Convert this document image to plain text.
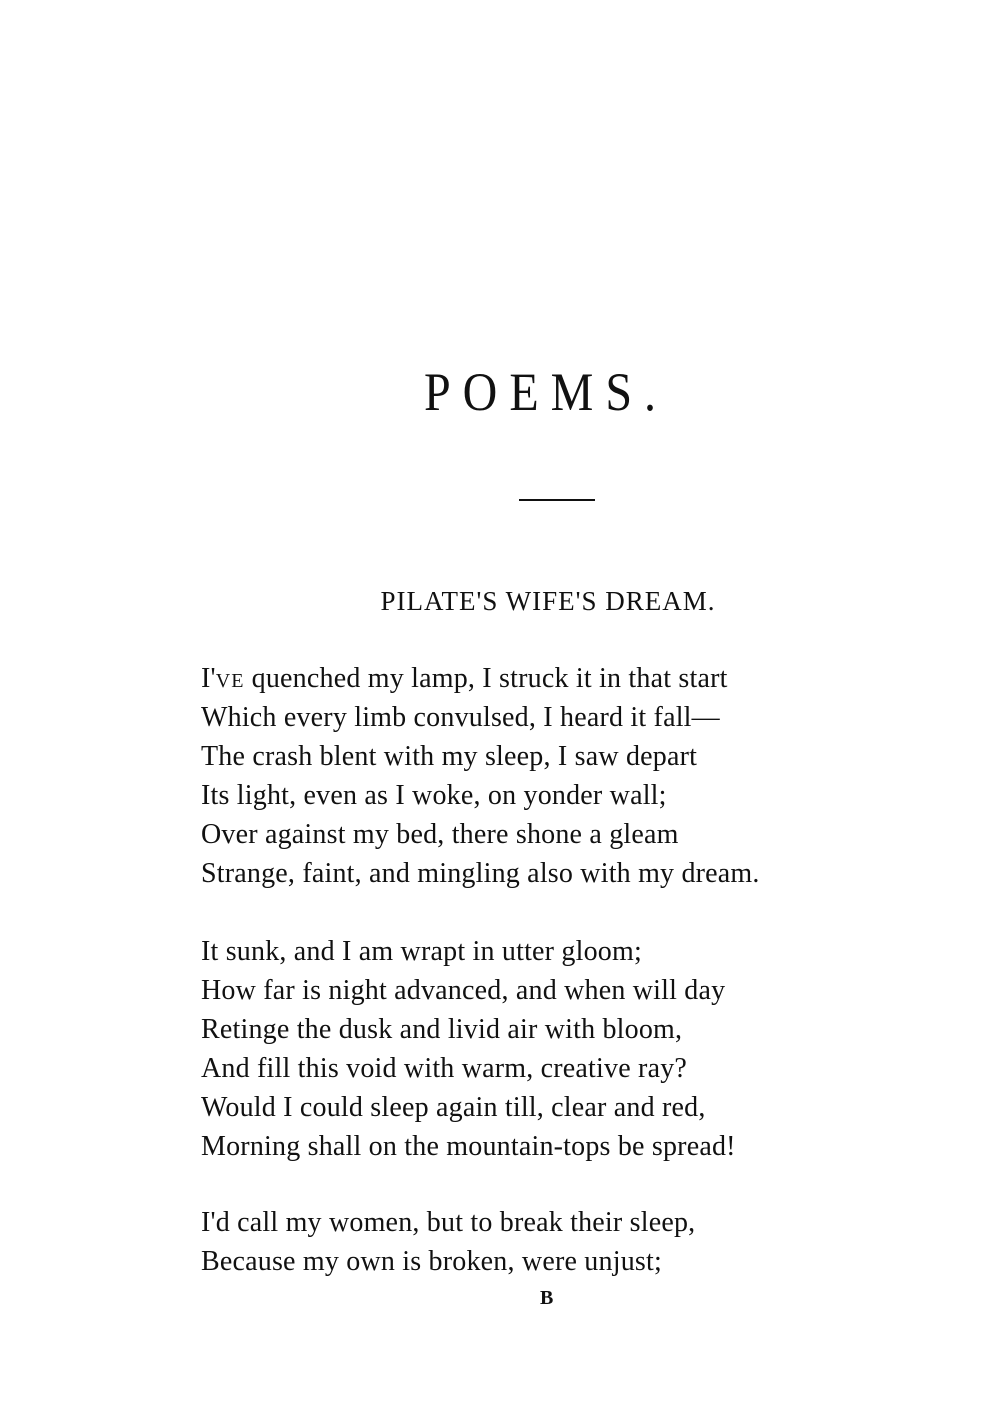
POEMS.
PILATE'S WIFE'S DREAM.
I'VE quenched my lamp, I struck it in that start
Which every limb convulsed, I heard it fall—
The crash blent with my sleep, I saw depart
Its light, even as I woke, on yonder wall;
Over against my bed, there shone a gleam
Strange, faint, and mingling also with my dream.
It sunk, and I am wrapt in utter gloom;
How far is night advanced, and when will day
Retinge the dusk and livid air with bloom,
And fill this void with warm, creative ray?
Would I could sleep again till, clear and red,
Morning shall on the mountain-tops be spread!
I'd call my women, but to break their sleep,
Because my own is broken, were unjust;
B
